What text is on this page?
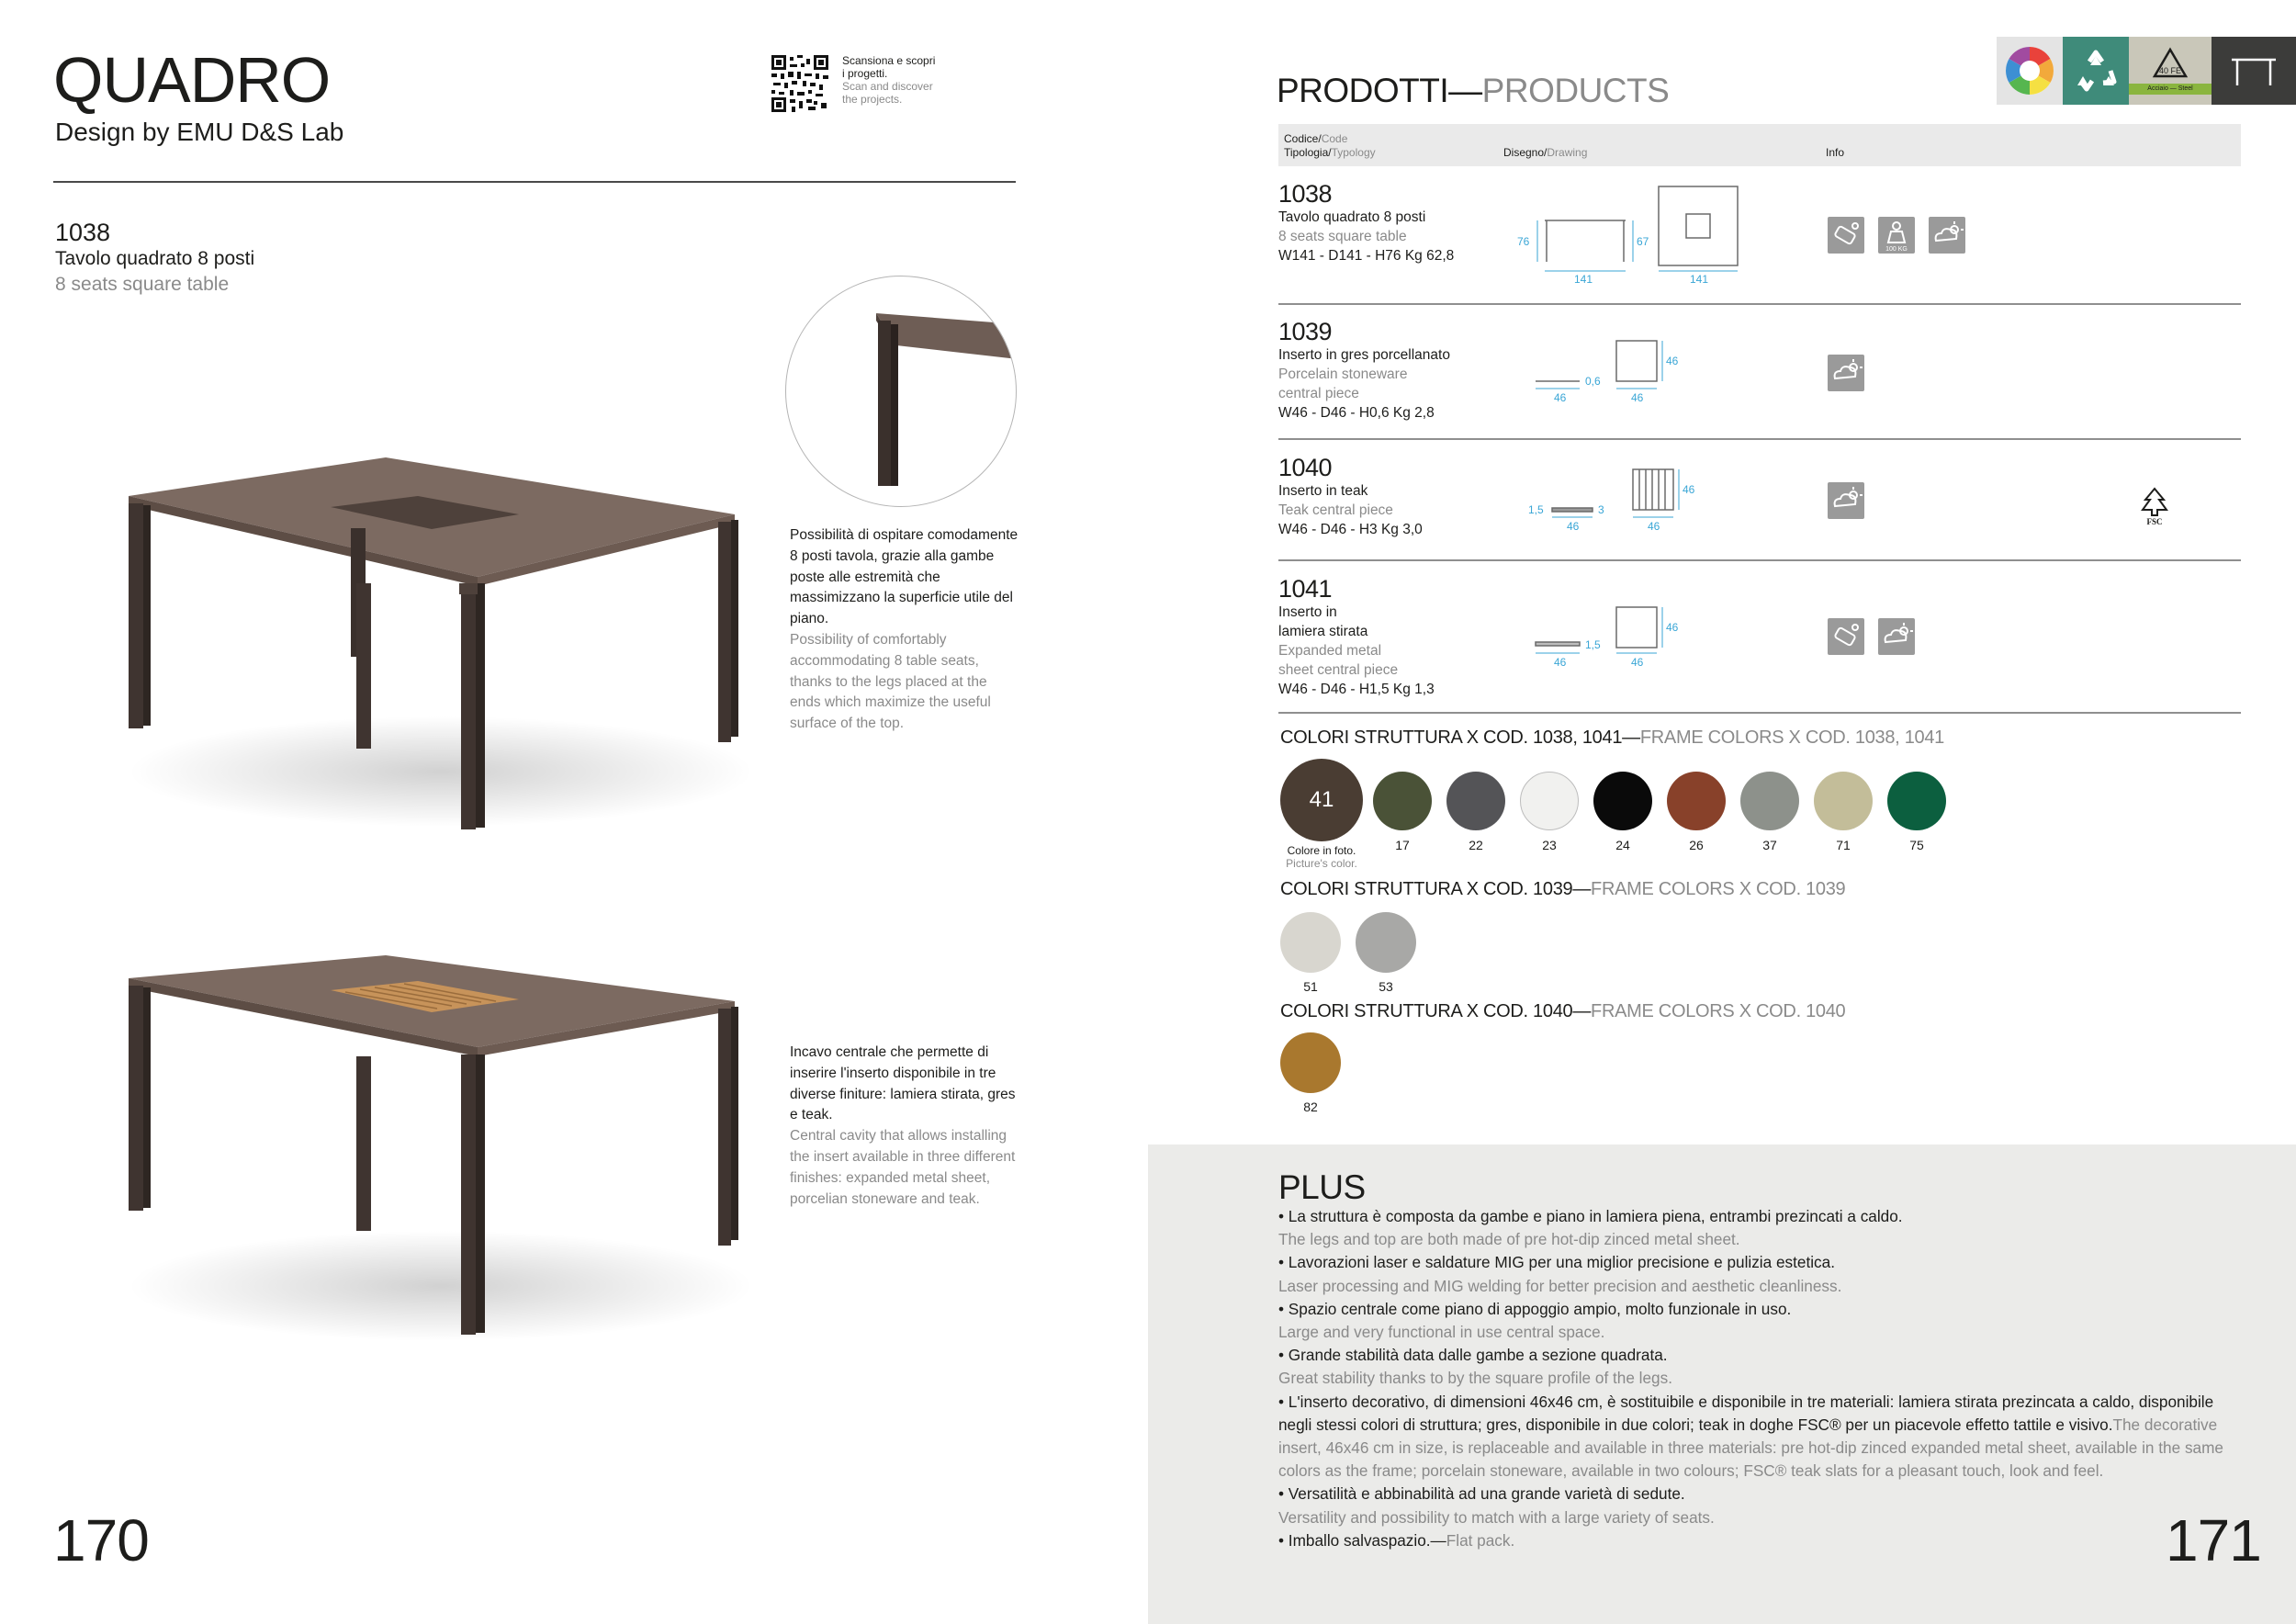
QUADRO
Design by EMU D&S Lab
Scansiona e scopri
i progetti.
Scan and discover
the projects.
1038
Tavolo quadrato 8 posti
8 seats square table
Possibilità di ospitare comodamente 8 posti tavola, grazie alla gambe poste alle estremità che massimizzano la superficie utile del piano.
Possibility of comfortably accommodating 8 table seats, thanks to the legs placed at the ends which maximize the useful surface of the top.
Incavo centrale che permette di inserire l'inserto disponibile in tre diverse finiture: lamiera stirata, gres e teak.
Central cavity that allows installing the insert available in three different finishes: expanded metal sheet, porcelian stoneware and teak.
170
40 FE
Acciaio — Steel
PRODOTTI—PRODUCTS
Codice/Code
Tipologia/Typology	Disegno/Drawing	Info
1038
Tavolo quadrato 8 posti
8 seats square table
W141 - D141 - H76 Kg 62,8
76	67
141	141
100 KG
1039
Inserto in gres porcellanato
Porcelain stoneware central piece
W46 - D46 - H0,6 Kg 2,8
46
0,6
46
46
1040
Inserto in teak
Teak central piece
W46 - D46 - H3 Kg 3,0
1,5	3
46	46
46
FSC
1041
Inserto in lamiera stirata
Expanded metal sheet central piece
W46 - D46 - H1,5 Kg 1,3
46
1,5
46
46
COLORI STRUTTURA X COD. 1038, 1041—FRAME COLORS X COD. 1038, 1041
41
Colore in foto.
Picture's color.
17	22	23	24	26	37	71	75
COLORI STRUTTURA X COD. 1039—FRAME COLORS X COD. 1039
51	53
COLORI STRUTTURA X COD. 1040—FRAME COLORS X COD. 1040
82
PLUS
• La struttura è composta da gambe e piano in lamiera piena, entrambi prezincati a caldo.
The legs and top are both made of pre hot-dip zinced metal sheet.
• Lavorazioni laser e saldature MIG per una miglior precisione e pulizia estetica.
Laser processing and MIG welding for better precision and aesthetic cleanliness.
• Spazio centrale come piano di appoggio ampio, molto funzionale in uso.
Large and very functional in use central space.
• Grande stabilità data dalle gambe a sezione quadrata.
Great stability thanks to by the square profile of the legs.
• L'inserto decorativo, di dimensioni 46x46 cm, è sostituibile e disponibile in tre materiali: lamiera stirata prezincata a caldo, disponibile negli stessi colori di struttura; gres, disponibile in due colori; teak in doghe FSC® per un piacevole effetto tattile e visivo.The decorative insert, 46x46 cm in size, is replaceable and available in three materials: pre hot-dip zinced expanded metal sheet, available in the same colors as the frame; porcelain stoneware, available in two colours; FSC® teak slats for a pleasant touch, look and feel.
• Versatilità e abbinabilità ad una grande varietà di sedute.
Versatility and possibility to match with a large variety of seats.
• Imballo salvaspazio.—Flat pack.	171
